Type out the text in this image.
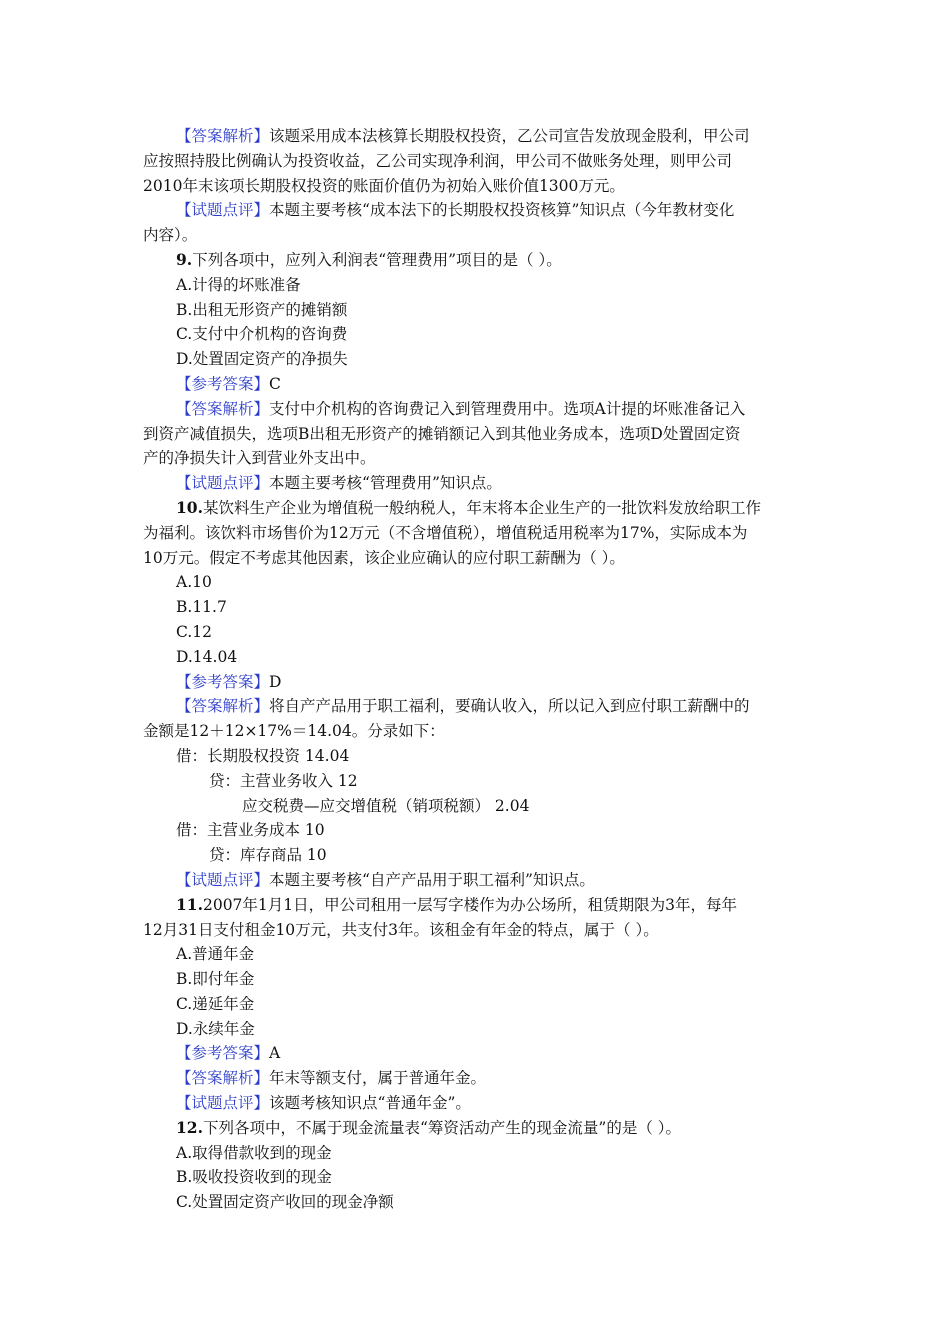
【答案解析】该题采用成本法核算长期股权投资，乙公司宣告发放现金股利，甲公司

应按照持股比例确认为投资收益，乙公司实现净利润，甲公司不做账务处理，则甲公司

2010年末该项长期股权投资的账面价值仍为初始入账价值1300万元。

【试题点评】本题主要考核“成本法下的长期股权投资核算”知识点（今年教材变化

内容）。

9.下列各项中，应列入利润表“管理费用”项目的是（ ）。

A.计得的坏账准备

B.出租无形资产的摊销额

C.支付中介机构的咨询费

D.处置固定资产的净损失

【参考答案】C

【答案解析】支付中介机构的咨询费记入到管理费用中。选项A计提的坏账准备记入

到资产减值损失，选项B出租无形资产的摊销额记入到其他业务成本，选项D处置固定资

产的净损失计入到营业外支出中。

【试题点评】本题主要考核“管理费用”知识点。

10.某饮料生产企业为增值税一般纳税人，年末将本企业生产的一批饮料发放给职工作

为福利。该饮料市场售价为12万元（不含增值税），增值税适用税率为17%，实际成本为

10万元。假定不考虑其他因素，该企业应确认的应付职工薪酬为（ ）。

A.10

B.11.7

C.12

D.14.04

【参考答案】D

【答案解析】将自产产品用于职工福利，要确认收入，所以记入到应付职工薪酬中的

金额是12＋12×17%＝14.04。分录如下：

借：长期股权投资 14.04

贷：主营业务收入 12

应交税费—应交增值税（销项税额） 2.04

借：主营业务成本 10

贷：库存商品 10

【试题点评】本题主要考核“自产产品用于职工福利”知识点。

11.2007年1月1日，甲公司租用一层写字楼作为办公场所，租赁期限为3年，每年

12月31日支付租金10万元，共支付3年。该租金有年金的特点，属于（ ）。

A.普通年金

B.即付年金

C.递延年金

D.永续年金

【参考答案】A

【答案解析】年末等额支付，属于普通年金。

【试题点评】该题考核知识点“普通年金”。

12.下列各项中，不属于现金流量表“筹资活动产生的现金流量”的是（ ）。

A.取得借款收到的现金

B.吸收投资收到的现金

C.处置固定资产收回的现金净额
